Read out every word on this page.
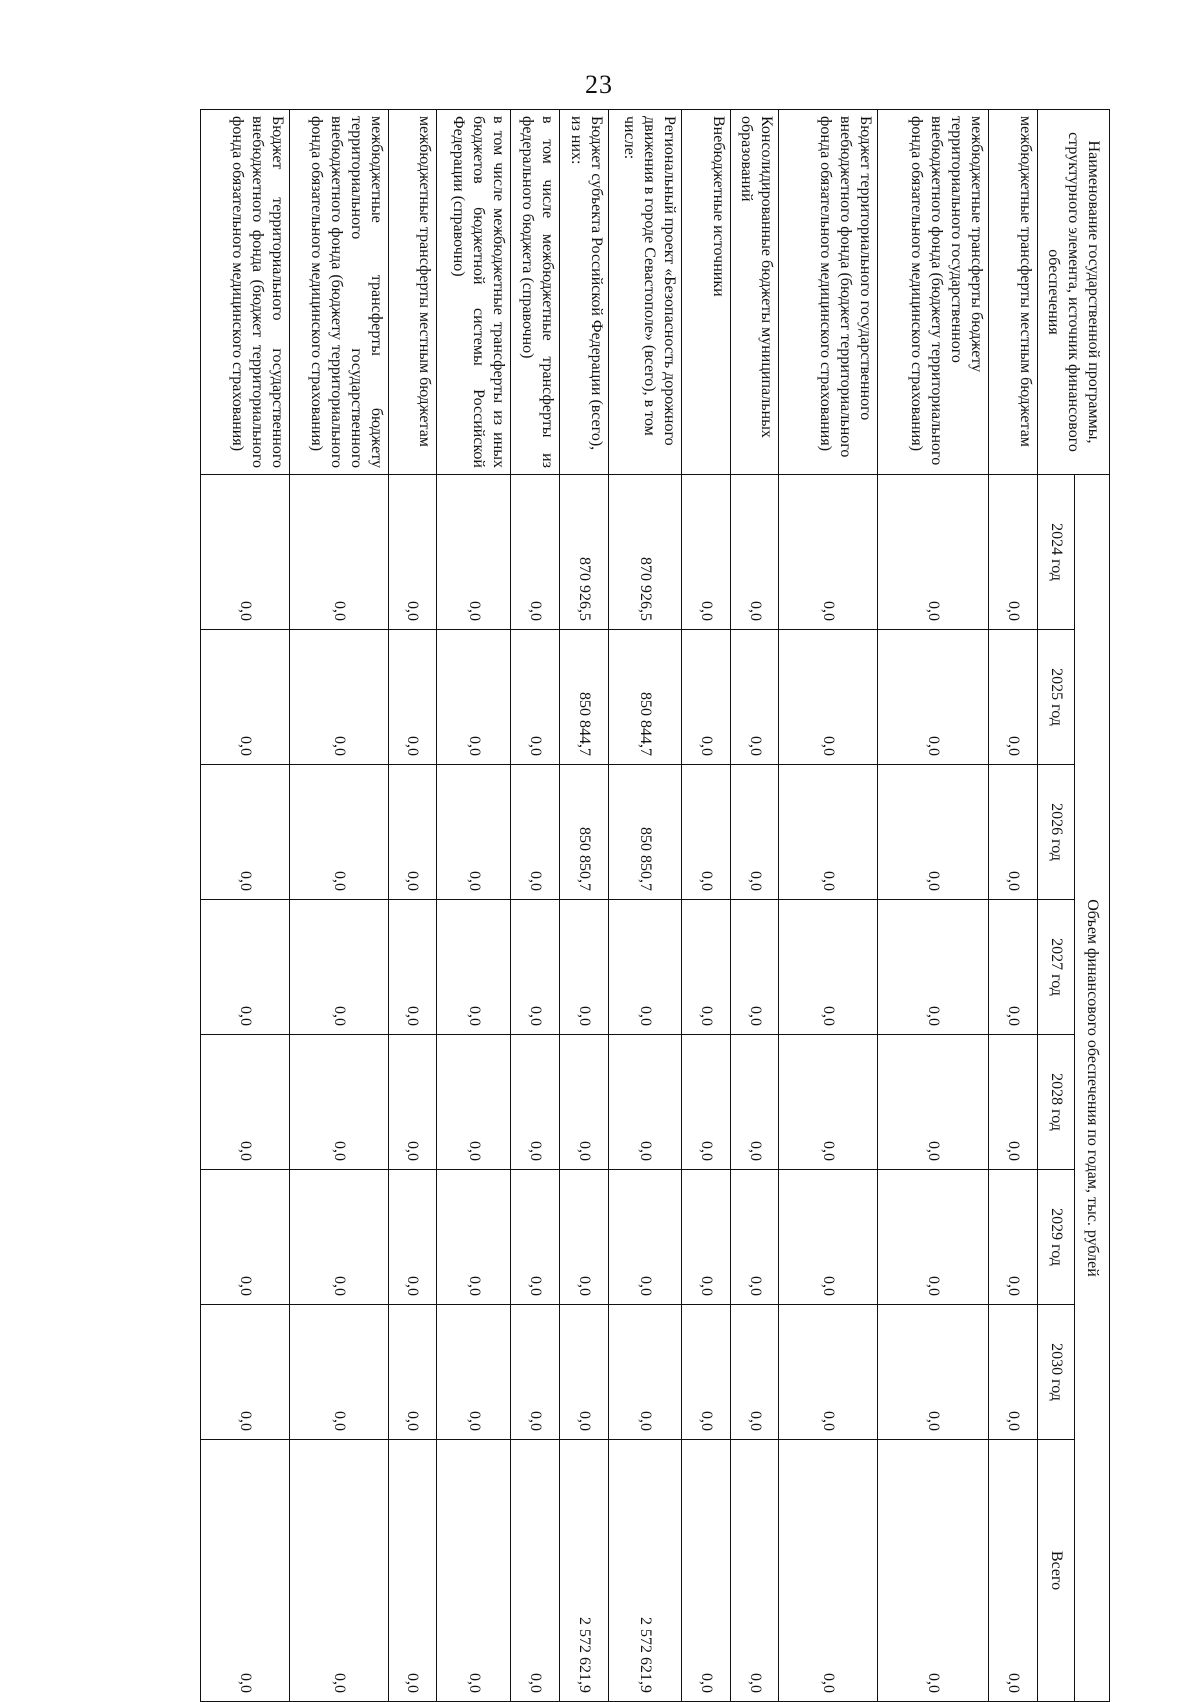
23
Наименование государственной программы, структурного элемента, источник финансового обеспечения	Объем финансового обеспечения по годам, тыс. рублей							
	2024 год	2025 год	2026 год	2027 год	2028 год	2029 год	2030 год	Всего
межбюджетные трансферты местным бюджетам	0,0	0,0	0,0	0,0	0,0	0,0	0,0	0,0
межбюджетные трансферты бюджету территориального государственного внебюджетного фонда (бюджету территориального фонда обязательного медицинского страхования)	0,0	0,0	0,0	0,0	0,0	0,0	0,0	0,0
Бюджет территориального государственного внебюджетного фонда (бюджет территориального фонда обязательного медицинского страхования)	0,0	0,0	0,0	0,0	0,0	0,0	0,0	0,0
Консолидированные бюджеты муниципальных образований	0,0	0,0	0,0	0,0	0,0	0,0	0,0	0,0
Внебюджетные источники	0,0	0,0	0,0	0,0	0,0	0,0	0,0	0,0
Региональный проект «Безопасность дорожного движения в городе Севастополе» (всего), в том числе:	870 926,5	850 844,7	850 850,7	0,0	0,0	0,0	0,0	2 572 621,9
Бюджет субъекта Российской Федерации (всего), из них:	870 926,5	850 844,7	850 850,7	0,0	0,0	0,0	0,0	2 572 621,9
в том числе межбюджетные трансферты из федерального бюджета (справочно)	0,0	0,0	0,0	0,0	0,0	0,0	0,0	0,0
в том числе межбюджетные трансферты из иных бюджетов бюджетной системы Российской Федерации (справочно)	0,0	0,0	0,0	0,0	0,0	0,0	0,0	0,0
межбюджетные трансферты местным бюджетам	0,0	0,0	0,0	0,0	0,0	0,0	0,0	0,0
межбюджетные трансферты бюджету территориального государственного внебюджетного фонда (бюджету территориального фонда обязательного медицинского страхования)	0,0	0,0	0,0	0,0	0,0	0,0	0,0	0,0
Бюджет территориального государственного внебюджетного фонда (бюджет территориального фонда обязательного медицинского страхования)	0,0	0,0	0,0	0,0	0,0	0,0	0,0	0,0
